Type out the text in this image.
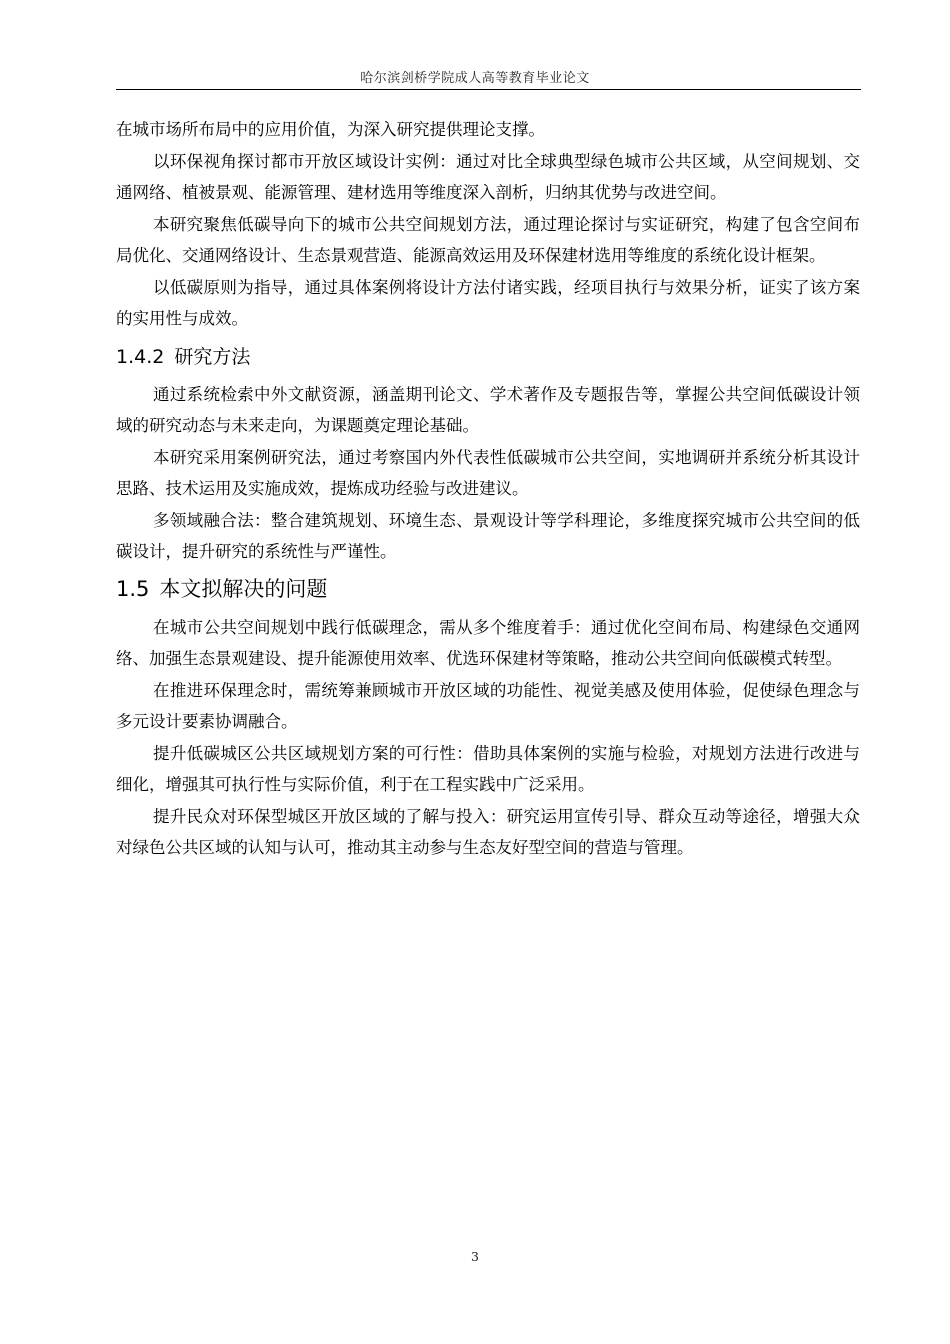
哈尔滨剑桥学院成人高等教育毕业论文

在城市场所布局中的应用价值，为深入研究提供理论支撑。

以环保视角探讨都市开放区域设计实例：通过对比全球典型绿色城市公共区域，从空间规划、交通网络、植被景观、能源管理、建材选用等维度深入剖析，归纳其优势与改进空间。

本研究聚焦低碳导向下的城市公共空间规划方法，通过理论探讨与实证研究，构建了包含空间布局优化、交通网络设计、生态景观营造、能源高效运用及环保建材选用等维度的系统化设计框架。

以低碳原则为指导，通过具体案例将设计方法付诸实践，经项目执行与效果分析，证实了该方案的实用性与成效。

1.4.2 研究方法

通过系统检索中外文献资源，涵盖期刊论文、学术著作及专题报告等，掌握公共空间低碳设计领域的研究动态与未来走向，为课题奠定理论基础。

本研究采用案例研究法，通过考察国内外代表性低碳城市公共空间，实地调研并系统分析其设计思路、技术运用及实施成效，提炼成功经验与改进建议。

多领域融合法：整合建筑规划、环境生态、景观设计等学科理论，多维度探究城市公共空间的低碳设计，提升研究的系统性与严谨性。

1.5 本文拟解决的问题

在城市公共空间规划中践行低碳理念，需从多个维度着手：通过优化空间布局、构建绿色交通网络、加强生态景观建设、提升能源使用效率、优选环保建材等策略，推动公共空间向低碳模式转型。

在推进环保理念时，需统筹兼顾城市开放区域的功能性、视觉美感及使用体验，促使绿色理念与多元设计要素协调融合。

提升低碳城区公共区域规划方案的可行性：借助具体案例的实施与检验，对规划方法进行改进与细化，增强其可执行性与实际价值，利于在工程实践中广泛采用。

提升民众对环保型城区开放区域的了解与投入：研究运用宣传引导、群众互动等途径，增强大众对绿色公共区域的认知与认可，推动其主动参与生态友好型空间的营造与管理。

3
